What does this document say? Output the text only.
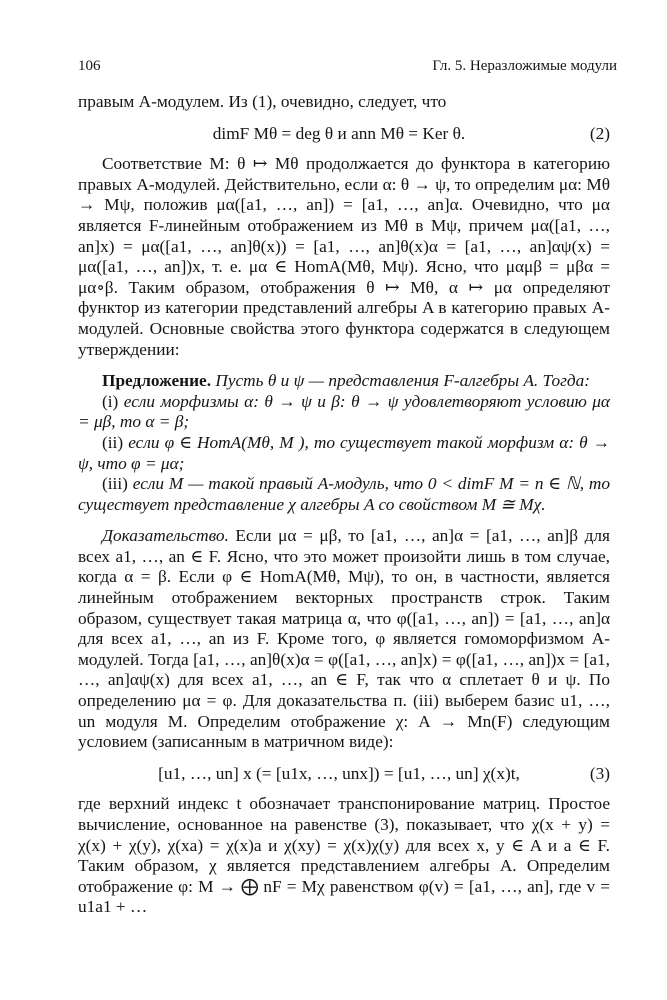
106	Гл. 5. Неразложимые модули

правым A-модулем. Из (1), очевидно, следует, что

dimF Mθ = deg θ и ann Mθ = Ker θ.	(2)

Соответствие M: θ ↦ Mθ продолжается до функтора в категорию правых A-модулей. Действительно, если α: θ → ψ, то определим μα: Mθ → Mψ, положив μα([a1, …, an]) = [a1, …, an]α. Очевидно, что μα является F-линейным отображением из Mθ в Mψ, причем μα([a1, …, an]x) = μα([a1, …, an]θ(x)) = [a1, …, an]θ(x)α = [a1, …, an]αψ(x) = μα([a1, …, an])x, т. е. μα ∈ HomA(Mθ, Mψ). Ясно, что μαμβ = μβα = μα∘β. Таким образом, отображения θ ↦ Mθ, α ↦ μα определяют функтор из категории представлений алгебры A в категорию правых A-модулей. Основные свойства этого функтора содержатся в следующем утверждении:

Предложение. Пусть θ и ψ — представления F-алгебры A. Тогда:

(i) если морфизмы α: θ → ψ и β: θ → ψ удовлетворяют условию μα = μβ, то α = β;

(ii) если φ ∈ HomA(Mθ, M ), то существует такой морфизм α: θ → ψ, что φ = μα;

(iii) если M — такой правый A-модуль, что 0 < dimF M = n ∈ ℕ, то существует представление χ алгебры A со свойством M ≅ Mχ.

Доказательство. Если μα = μβ, то [a1, …, an]α = [a1, …, an]β для всех a1, …, an ∈ F. Ясно, что это может произойти лишь в том случае, когда α = β. Если φ ∈ HomA(Mθ, Mψ), то он, в частности, является линейным отображением векторных пространств строк. Таким образом, существует такая матрица α, что φ([a1, …, an]) = [a1, …, an]α для всех a1, …, an из F. Кроме того, φ является гомоморфизмом A-модулей. Тогда [a1, …, an]θ(x)α = φ([a1, …, an]x) = φ([a1, …, an])x = [a1, …, an]αψ(x) для всех a1, …, an ∈ F, так что α сплетает θ и ψ. По определению μα = φ. Для доказательства п. (iii) выберем базис u1, …, un модуля M. Определим отображение χ: A → Mn(F) следующим условием (записанным в матричном виде):

[u1, …, un] x (= [u1x, …, unx]) = [u1, …, un] χ(x)t,	(3)

где верхний индекс t обозначает транспонирование матриц. Простое вычисление, основанное на равенстве (3), показывает, что χ(x + y) = χ(x) + χ(y), χ(xa) = χ(x)a и χ(xy) = χ(x)χ(y) для всех x, y ∈ A и a ∈ F. Таким образом, χ является представлением алгебры A. Определим отображение φ: M → ⨁ nF = Mχ равенством φ(v) = [a1, …, an], где v = u1a1 + …
